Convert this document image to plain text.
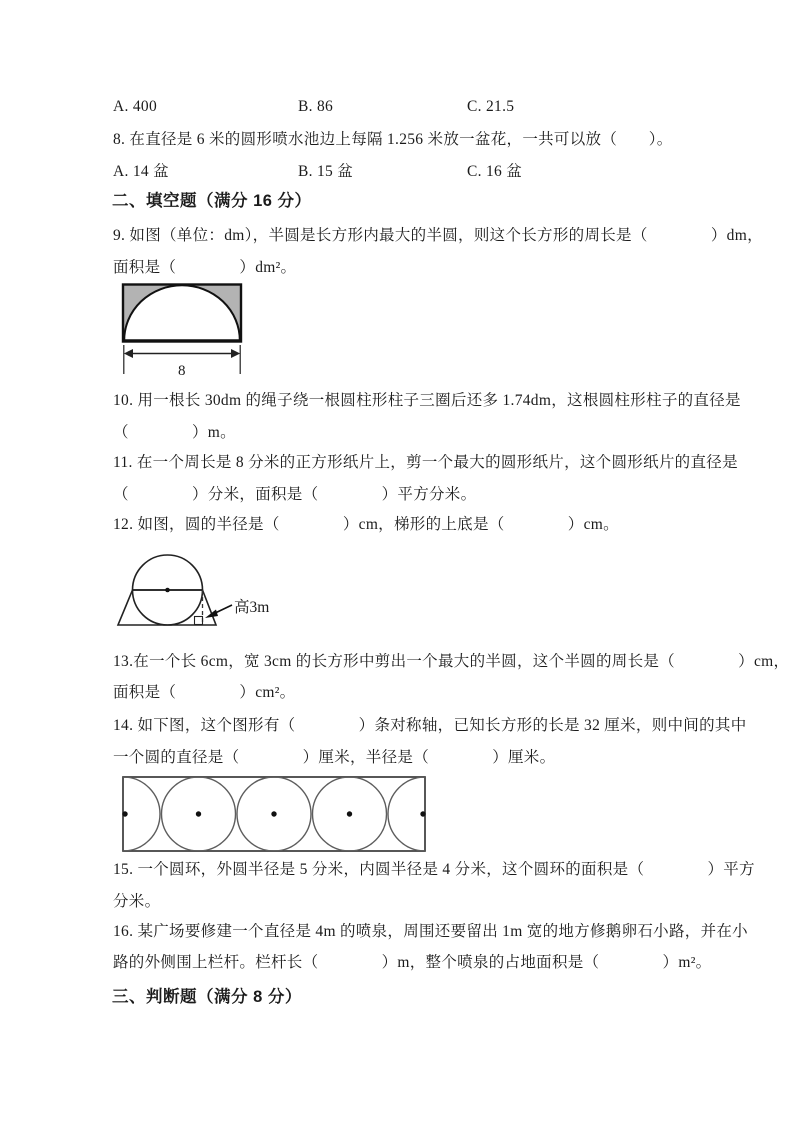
A. 400	B. 86	C. 21.5
8. 在直径是 6 米的圆形喷水池边上每隔 1.256 米放一盆花，一共可以放（　　）。
A. 14 盆	B. 15 盆	C. 16 盆
二、填空题（满分 16 分）
9. 如图（单位：dm），半圆是长方形内最大的半圆，则这个长方形的周长是（　　　　）dm，
面积是（　　　　）dm²。
8
10. 用一根长 30dm 的绳子绕一根圆柱形柱子三圈后还多 1.74dm，这根圆柱形柱子的直径是
（　　　　）m。
11. 在一个周长是 8 分米的正方形纸片上，剪一个最大的圆形纸片，这个圆形纸片的直径是
（　　　　）分米，面积是（　　　　）平方分米。
12. 如图，圆的半径是（　　　　）cm，梯形的上底是（　　　　）cm。
高3m
13.在一个长 6cm，宽 3cm 的长方形中剪出一个最大的半圆，这个半圆的周长是（　　　　）cm，
面积是（　　　　）cm²。
14. 如下图，这个图形有（　　　　）条对称轴，已知长方形的长是 32 厘米，则中间的其中
一个圆的直径是（　　　　）厘米，半径是（　　　　）厘米。
15. 一个圆环，外圆半径是 5 分米，内圆半径是 4 分米，这个圆环的面积是（　　　　）平方
分米。
16. 某广场要修建一个直径是 4m 的喷泉，周围还要留出 1m 宽的地方修鹅卵石小路，并在小
路的外侧围上栏杆。栏杆长（　　　　）m，整个喷泉的占地面积是（　　　　）m²。
三、判断题（满分 8 分）
